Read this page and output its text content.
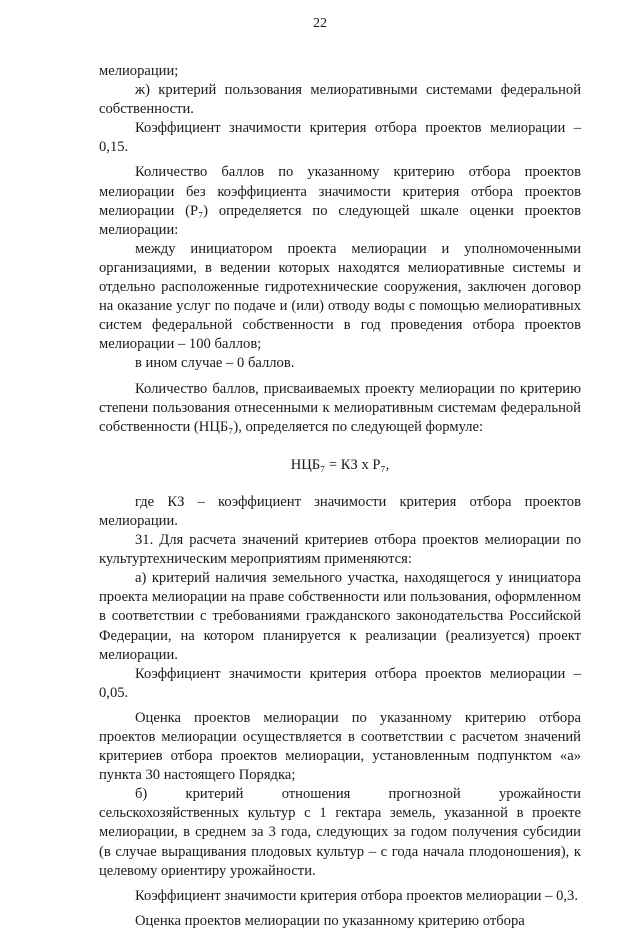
22

мелиорации;

ж) критерий пользования мелиоративными системами федеральной собственности.

Коэффициент значимости критерия отбора проектов мелиорации – 0,15.

Количество баллов по указанному критерию отбора проектов мелиорации без коэффициента значимости критерия отбора проектов мелиорации (Р₇) определяется по следующей шкале оценки проектов мелиорации:

между инициатором проекта мелиорации и уполномоченными организациями, в ведении которых находятся мелиоративные системы и отдельно расположенные гидротехнические сооружения, заключен договор на оказание услуг по подаче и (или) отводу воды с помощью мелиоративных систем федеральной собственности в год проведения отбора проектов мелиорации – 100 баллов;

в ином случае – 0 баллов.

Количество баллов, присваиваемых проекту мелиорации по критерию степени пользования отнесенными к мелиоративным системам федеральной собственности (НЦБ₇), определяется по следующей формуле:

НЦБ₇ = КЗ x Р₇,

где КЗ – коэффициент значимости критерия отбора проектов мелиорации.

31. Для расчета значений критериев отбора проектов мелиорации по культуртехническим мероприятиям применяются:

а) критерий наличия земельного участка, находящегося у инициатора проекта мелиорации на праве собственности или пользования, оформленном в соответствии с требованиями гражданского законодательства Российской Федерации, на котором планируется к реализации (реализуется) проект мелиорации.

Коэффициент значимости критерия отбора проектов мелиорации – 0,05.

Оценка проектов мелиорации по указанному критерию отбора проектов мелиорации осуществляется в соответствии с расчетом значений критериев отбора проектов мелиорации, установленным подпунктом «а» пункта 30 настоящего Порядка;

б) критерий отношения прогнозной урожайности сельскохозяйственных культур с 1 гектара земель, указанной в проекте мелиорации, в среднем за 3 года, следующих за годом получения субсидии (в случае выращивания плодовых культур – с года начала плодоношения), к целевому ориентиру урожайности.

Коэффициент значимости критерия отбора проектов мелиорации – 0,3.

Оценка проектов мелиорации по указанному критерию отбора
